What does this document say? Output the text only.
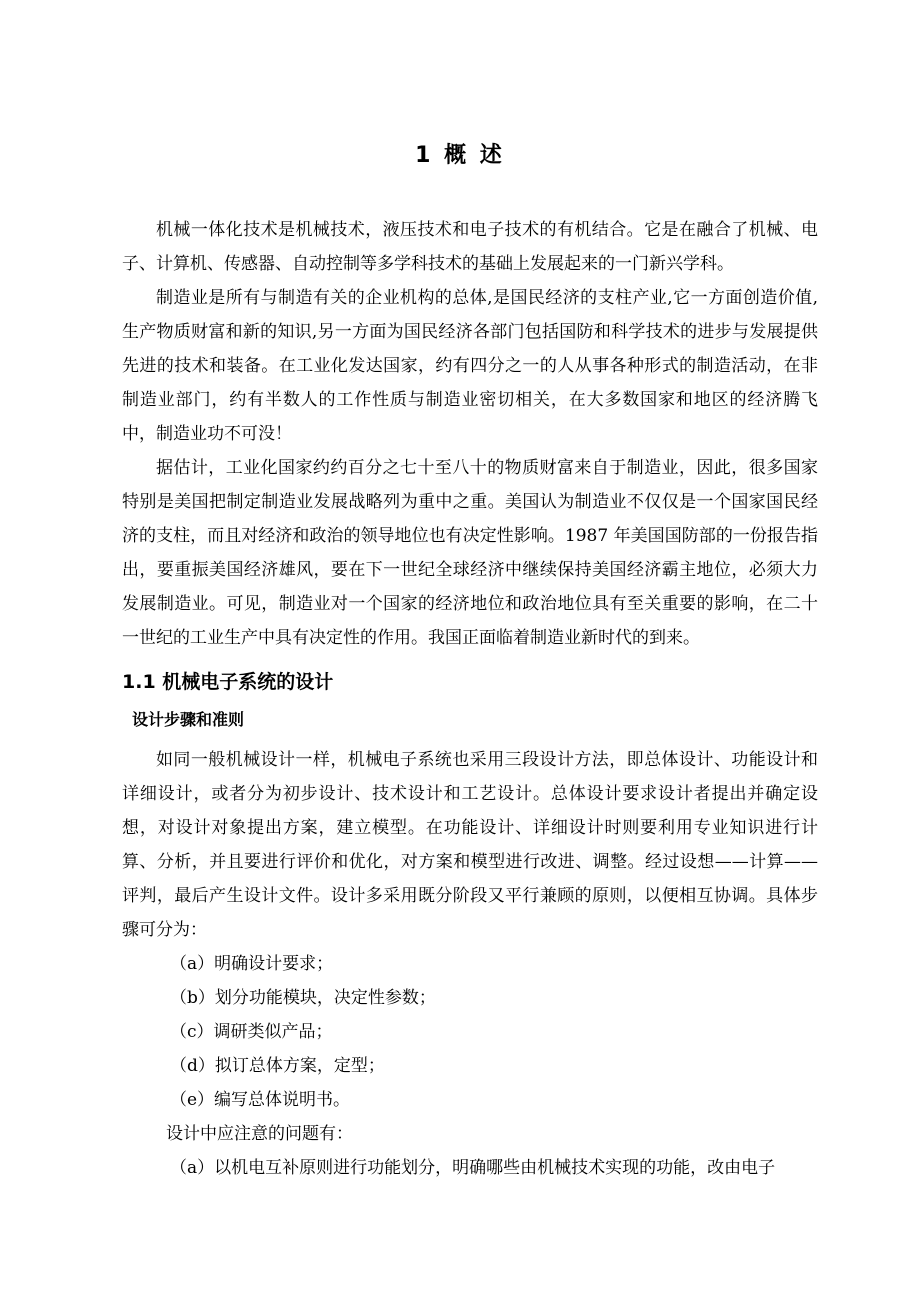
1 概 述

机械一体化技术是机械技术，液压技术和电子技术的有机结合。它是在融合了机械、电子、计算机、传感器、自动控制等多学科技术的基础上发展起来的一门新兴学科。

制造业是所有与制造有关的企业机构的总体,是国民经济的支柱产业,它一方面创造价值,生产物质财富和新的知识,另一方面为国民经济各部门包括国防和科学技术的进步与发展提供先进的技术和装备。在工业化发达国家，约有四分之一的人从事各种形式的制造活动，在非制造业部门，约有半数人的工作性质与制造业密切相关，在大多数国家和地区的经济腾飞中，制造业功不可没！

据估计，工业化国家约约百分之七十至八十的物质财富来自于制造业，因此，很多国家特别是美国把制定制造业发展战略列为重中之重。美国认为制造业不仅仅是一个国家国民经济的支柱，而且对经济和政治的领导地位也有决定性影响。1987 年美国国防部的一份报告指出，要重振美国经济雄风，要在下一世纪全球经济中继续保持美国经济霸主地位，必须大力发展制造业。可见，制造业对一个国家的经济地位和政治地位具有至关重要的影响，在二十一世纪的工业生产中具有决定性的作用。我国正面临着制造业新时代的到来。

1.1 机械电子系统的设计
设计步骤和准则

如同一般机械设计一样，机械电子系统也采用三段设计方法，即总体设计、功能设计和详细设计，或者分为初步设计、技术设计和工艺设计。总体设计要求设计者提出并确定设想，对设计对象提出方案，建立模型。在功能设计、详细设计时则要利用专业知识进行计算、分析，并且要进行评价和优化，对方案和模型进行改进、调整。经过设想——计算——评判，最后产生设计文件。设计多采用既分阶段又平行兼顾的原则，以便相互协调。具体步骤可分为：

（a）明确设计要求；
（b）划分功能模块，决定性参数；
（c）调研类似产品；
（d）拟订总体方案，定型；
（e）编写总体说明书。

设计中应注意的问题有：

（a）以机电互补原则进行功能划分，明确哪些由机械技术实现的功能，改由电子
